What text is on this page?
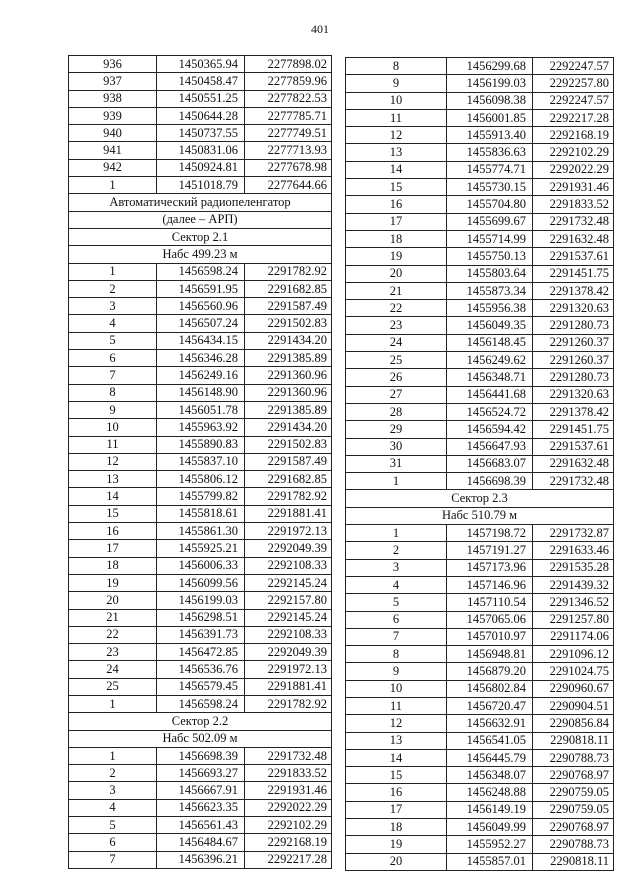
401
936	1450365.94	2277898.02
937	1450458.47	2277859.96
938	1450551.25	2277822.53
939	1450644.28	2277785.71
940	1450737.55	2277749.51
941	1450831.06	2277713.93
942	1450924.81	2277678.98
1	1451018.79	2277644.66
Автоматический радиопеленгатор		
(далее – АРП)		
Сектор 2.1		
Набс 499.23 м		
1	1456598.24	2291782.92
2	1456591.95	2291682.85
3	1456560.96	2291587.49
4	1456507.24	2291502.83
5	1456434.15	2291434.20
6	1456346.28	2291385.89
7	1456249.16	2291360.96
8	1456148.90	2291360.96
9	1456051.78	2291385.89
10	1455963.92	2291434.20
11	1455890.83	2291502.83
12	1455837.10	2291587.49
13	1455806.12	2291682.85
14	1455799.82	2291782.92
15	1455818.61	2291881.41
16	1455861.30	2291972.13
17	1455925.21	2292049.39
18	1456006.33	2292108.33
19	1456099.56	2292145.24
20	1456199.03	2292157.80
21	1456298.51	2292145.24
22	1456391.73	2292108.33
23	1456472.85	2292049.39
24	1456536.76	2291972.13
25	1456579.45	2291881.41
1	1456598.24	2291782.92
Сектор 2.2		
Набс 502.09 м		
1	1456698.39	2291732.48
2	1456693.27	2291833.52
3	1456667.91	2291931.46
4	1456623.35	2292022.29
5	1456561.43	2292102.29
6	1456484.67	2292168.19
7	1456396.21	2292217.28
8	1456299.68	2292247.57
9	1456199.03	2292257.80
10	1456098.38	2292247.57
11	1456001.85	2292217.28
12	1455913.40	2292168.19
13	1455836.63	2292102.29
14	1455774.71	2292022.29
15	1455730.15	2291931.46
16	1455704.80	2291833.52
17	1455699.67	2291732.48
18	1455714.99	2291632.48
19	1455750.13	2291537.61
20	1455803.64	2291451.75
21	1455873.34	2291378.42
22	1455956.38	2291320.63
23	1456049.35	2291280.73
24	1456148.45	2291260.37
25	1456249.62	2291260.37
26	1456348.71	2291280.73
27	1456441.68	2291320.63
28	1456524.72	2291378.42
29	1456594.42	2291451.75
30	1456647.93	2291537.61
31	1456683.07	2291632.48
1	1456698.39	2291732.48
Сектор 2.3		
Набс 510.79 м		
1	1457198.72	2291732.87
2	1457191.27	2291633.46
3	1457173.96	2291535.28
4	1457146.96	2291439.32
5	1457110.54	2291346.52
6	1457065.06	2291257.80
7	1457010.97	2291174.06
8	1456948.81	2291096.12
9	1456879.20	2291024.75
10	1456802.84	2290960.67
11	1456720.47	2290904.51
12	1456632.91	2290856.84
13	1456541.05	2290818.11
14	1456445.79	2290788.73
15	1456348.07	2290768.97
16	1456248.88	2290759.05
17	1456149.19	2290759.05
18	1456049.99	2290768.97
19	1455952.27	2290788.73
20	1455857.01	2290818.11
